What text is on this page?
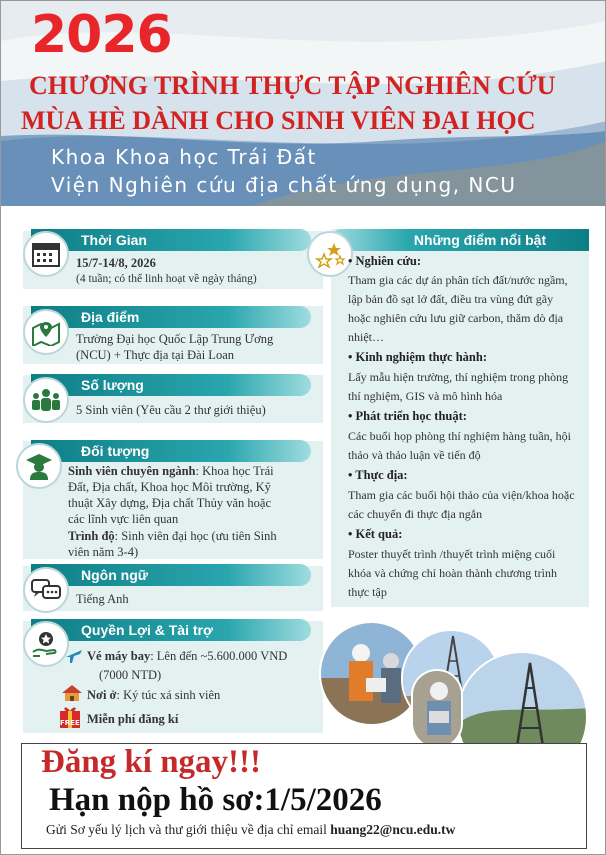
2026
CHƯƠNG TRÌNH THỰC TẬP NGHIÊN CỨU
MÙA HÈ DÀNH CHO SINH VIÊN ĐẠI HỌC
Khoa Khoa học Trái Đất
Viện Nghiên cứu địa chất ứng dụng, NCU
Thời Gian
15/7-14/8, 2026
(4 tuần; có thể linh hoạt về ngày tháng)
Địa điểm
Trường Đại học Quốc Lập Trung Ương
(NCU) + Thực địa tại Đài Loan
Số lượng
5 Sinh viên (Yêu cầu 2 thư giới thiệu)
Đối tượng
Sinh viên chuyên ngành: Khoa học Trái
Đất, Địa chất, Khoa học Môi trường, Kỹ
thuật Xây dựng, Địa chất Thủy văn hoặc
các lĩnh vực liên quan
Trình độ: Sinh viên đại học (ưu tiên Sinh
viên năm 3-4)
Ngôn ngữ
Tiếng Anh
Quyền Lợi & Tài trợ
Vé máy bay: Lên đến ~5.600.000 VND
(7000 NTD)
Nơi ở: Ký túc xá sinh viên
FREE Miễn phí đăng kí
Những điểm nổi bật
• Nghiên cứu:
Tham gia các dự án phân tích đất/nước ngầm,
lập bản đồ sạt lở đất, điều tra vùng đứt gãy
hoặc nghiên cứu lưu giữ carbon, thăm dò địa
nhiệt…
• Kinh nghiệm thực hành:
Lấy mẫu hiện trường, thí nghiệm trong phòng
thí nghiệm, GIS và mô hình hóa
• Phát triển học thuật:
Các buổi họp phòng thí nghiệm hàng tuần, hội
thảo và thảo luận về tiến độ
• Thực địa:
Tham gia các buổi hội thảo của viện/khoa hoặc
các chuyến đi thực địa ngắn
• Kết quả:
Poster thuyết trình /thuyết trình miệng cuối
khóa và chứng chỉ hoàn thành chương trình
thực tập
Đăng kí ngay!!!
Hạn nộp hồ sơ:1/5/2026
Gửi Sơ yếu lý lịch và thư giới thiệu về địa chỉ email huang22@ncu.edu.tw
